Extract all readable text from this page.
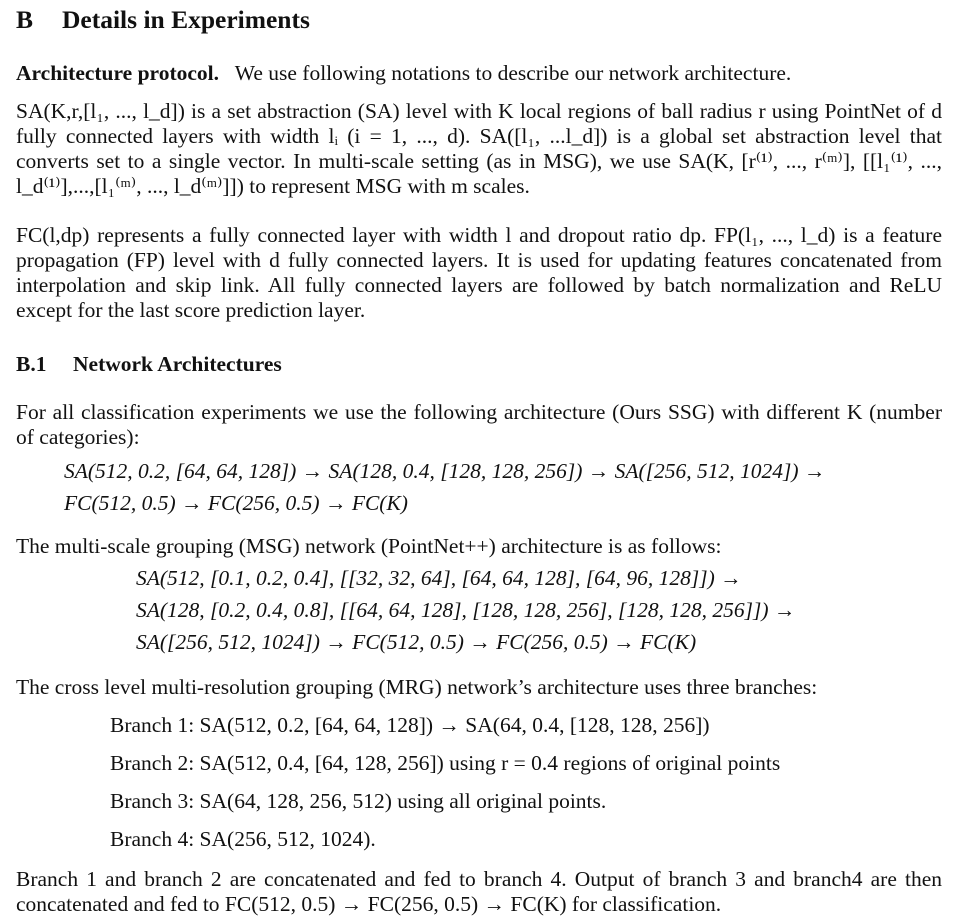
B Details in Experiments

Architecture protocol. We use following notations to describe our network architecture.

SA(K,r,[l₁, ..., l_d]) is a set abstraction (SA) level with K local regions of ball radius r using PointNet of d fully connected layers with width lᵢ (i = 1, ..., d). SA([l₁, ...l_d]) is a global set abstraction level that converts set to a single vector. In multi-scale setting (as in MSG), we use SA(K, [r⁽¹⁾, ..., r⁽ᵐ⁾], [[l₁⁽¹⁾, ..., l_d⁽¹⁾],...,[l₁⁽ᵐ⁾, ..., l_d⁽ᵐ⁾]]) to represent MSG with m scales.

FC(l,dp) represents a fully connected layer with width l and dropout ratio dp. FP(l₁, ..., l_d) is a feature propagation (FP) level with d fully connected layers. It is used for updating features concatenated from interpolation and skip link. All fully connected layers are followed by batch normalization and ReLU except for the last score prediction layer.

B.1 Network Architectures

For all classification experiments we use the following architecture (Ours SSG) with different K (number of categories):

SA(512, 0.2, [64, 64, 128]) → SA(128, 0.4, [128, 128, 256]) → SA([256, 512, 1024]) →
FC(512, 0.5) → FC(256, 0.5) → FC(K)

The multi-scale grouping (MSG) network (PointNet++) architecture is as follows:

SA(512, [0.1, 0.2, 0.4], [[32, 32, 64], [64, 64, 128], [64, 96, 128]]) →
SA(128, [0.2, 0.4, 0.8], [[64, 64, 128], [128, 128, 256], [128, 128, 256]]) →
SA([256, 512, 1024]) → FC(512, 0.5) → FC(256, 0.5) → FC(K)

The cross level multi-resolution grouping (MRG) network’s architecture uses three branches:

Branch 1: SA(512, 0.2, [64, 64, 128]) → SA(64, 0.4, [128, 128, 256])
Branch 2: SA(512, 0.4, [64, 128, 256]) using r = 0.4 regions of original points
Branch 3: SA(64, 128, 256, 512) using all original points.
Branch 4: SA(256, 512, 1024).

Branch 1 and branch 2 are concatenated and fed to branch 4. Output of branch 3 and branch4 are then concatenated and fed to FC(512, 0.5) → FC(256, 0.5) → FC(K) for classification.
